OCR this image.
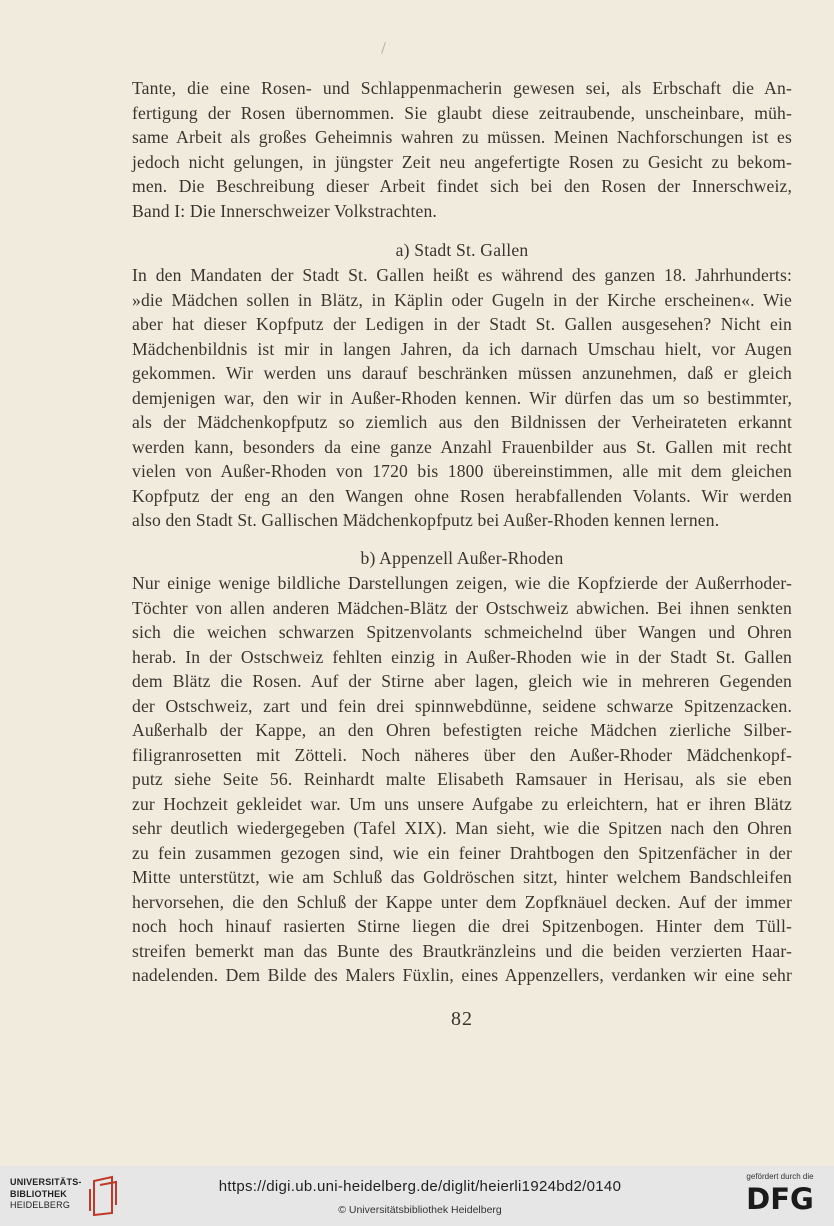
Tante, die eine Rosen- und Schlappenmacherin gewesen sei, als Erbschaft die An-
fertigung der Rosen übernommen. Sie glaubt diese zeitraubende, unscheinbare, müh-
same Arbeit als großes Geheimnis wahren zu müssen. Meinen Nachforschungen ist es
jedoch nicht gelungen, in jüngster Zeit neu angefertigte Rosen zu Gesicht zu bekom-
men. Die Beschreibung dieser Arbeit findet sich bei den Rosen der Innerschweiz,
Band I: Die Innerschweizer Volkstrachten.
a) Stadt St. Gallen
In den Mandaten der Stadt St. Gallen heißt es während des ganzen 18. Jahrhunderts:
»die Mädchen sollen in Blätz, in Käplin oder Gugeln in der Kirche erscheinen«. Wie
aber hat dieser Kopfputz der Ledigen in der Stadt St. Gallen ausgesehen? Nicht ein
Mädchenbildnis ist mir in langen Jahren, da ich darnach Umschau hielt, vor Augen
gekommen. Wir werden uns darauf beschränken müssen anzunehmen, daß er gleich
demjenigen war, den wir in Außer-Rhoden kennen. Wir dürfen das um so bestimmter,
als der Mädchenkopfputz so ziemlich aus den Bildnissen der Verheirateten erkannt
werden kann, besonders da eine ganze Anzahl Frauenbilder aus St. Gallen mit recht
vielen von Außer-Rhoden von 1720 bis 1800 übereinstimmen, alle mit dem gleichen
Kopfputz der eng an den Wangen ohne Rosen herabfallenden Volants. Wir werden
also den Stadt St. Gallischen Mädchenkopfputz bei Außer-Rhoden kennen lernen.
b) Appenzell Außer-Rhoden
Nur einige wenige bildliche Darstellungen zeigen, wie die Kopfzierde der Außerrhoder-
Töchter von allen anderen Mädchen-Blätz der Ostschweiz abwichen. Bei ihnen senkten
sich die weichen schwarzen Spitzenvolants schmeichelnd über Wangen und Ohren
herab. In der Ostschweiz fehlten einzig in Außer-Rhoden wie in der Stadt St. Gallen
dem Blätz die Rosen. Auf der Stirne aber lagen, gleich wie in mehreren Gegenden
der Ostschweiz, zart und fein drei spinnwebdünne, seidene schwarze Spitzenzacken.
Außerhalb der Kappe, an den Ohren befestigten reiche Mädchen zierliche Silber-
filigranrosetten mit Zötteli. Noch näheres über den Außer-Rhoder Mädchenkopf-
putz siehe Seite 56. Reinhardt malte Elisabeth Ramsauer in Herisau, als sie eben
zur Hochzeit gekleidet war. Um uns unsere Aufgabe zu erleichtern, hat er ihren Blätz
sehr deutlich wiedergegeben (Tafel XIX). Man sieht, wie die Spitzen nach den Ohren
zu fein zusammen gezogen sind, wie ein feiner Drahtbogen den Spitzenfächer in der
Mitte unterstützt, wie am Schluß das Goldröschen sitzt, hinter welchem Bandschleifen
hervorsehen, die den Schluß der Kappe unter dem Zopfknäuel decken. Auf der immer
noch hoch hinauf rasierten Stirne liegen die drei Spitzenbogen. Hinter dem Tüll-
streifen bemerkt man das Bunte des Brautkränzleins und die beiden verzierten Haar-
nadelenden. Dem Bilde des Malers Füxlin, eines Appenzellers, verdanken wir eine sehr
82
UNIVERSITÄTS-
BIBLIOTHEK
HEIDELBERG
https://digi.ub.uni-heidelberg.de/diglit/heierli1924bd2/0140
© Universitätsbibliothek Heidelberg
gefördert durch die
DFG
